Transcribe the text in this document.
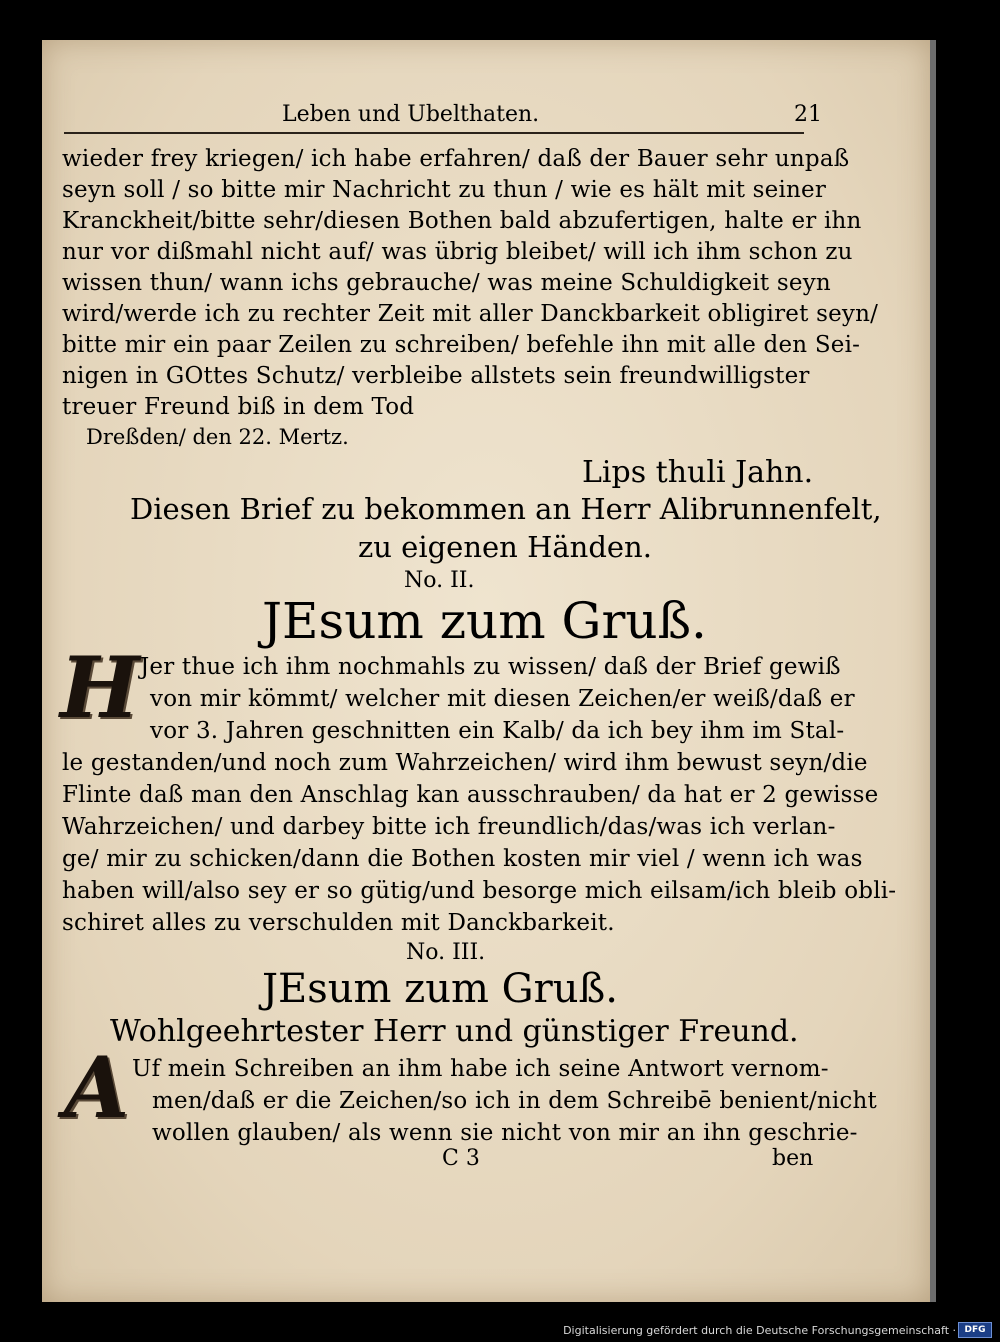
Leben und Ubelthaten.	21
wieder frey kriegen/ ich habe erfahren/ daß der Bauer sehr unpaß
seyn soll / so bitte mir Nachricht zu thun / wie es hält mit seiner
Kranckheit/bitte sehr/diesen Bothen bald abzufertigen, halte er ihn
nur vor dißmahl nicht auf/ was übrig bleibet/ will ich ihm schon zu
wissen thun/ wann ichs gebrauche/ was meine Schuldigkeit seyn
wird/werde ich zu rechter Zeit mit aller Danckbarkeit obligiret seyn/
bitte mir ein paar Zeilen zu schreiben/ befehle ihn mit alle den Sei-
nigen in GOttes Schutz/ verbleibe allstets sein freundwilligster
Dreßden/ den 22. Mertz.
Lips thuli Jahn.
Diesen Brief zu bekommen an Herr Alibrunnenfelt,
zu eigenen Händen.
No. II.
JEsum zum Gruß.
H Jer thue ich ihm nochmahls zu wissen/ daß der Brief gewiß
von mir kömmt/ welcher mit diesen Zeichen/er weiß/daß er
vor 3. Jahren geschnitten ein Kalb/ da ich bey ihm im Stal-
le gestanden/und noch zum Wahrzeichen/ wird ihm bewust seyn/die
Flinte daß man den Anschlag kan ausschrauben/ da hat er 2 gewisse
Wahrzeichen/ und darbey bitte ich freundlich/das/was ich verlan-
ge/ mir zu schicken/dann die Bothen kosten mir viel / wenn ich was
haben will/also sey er so gütig/und besorge mich eilsam/ich bleib obli-
schiret alles zu verschulden mit Danckbarkeit.
No. III.
JEsum zum Gruß.
Wohlgeehrtester Herr und günstiger Freund.
A Uf mein Schreiben an ihm habe ich seine Antwort vernom-
men/daß er die Zeichen/so ich in dem Schreibē benient/nicht
wollen glauben/ als wenn sie nicht von mir an ihn geschrie-
C 3	ben
treuer Freund biß in dem Tod
Digitalisierung gefördert durch die Deutsche Forschungsgemeinschaft · DFG
